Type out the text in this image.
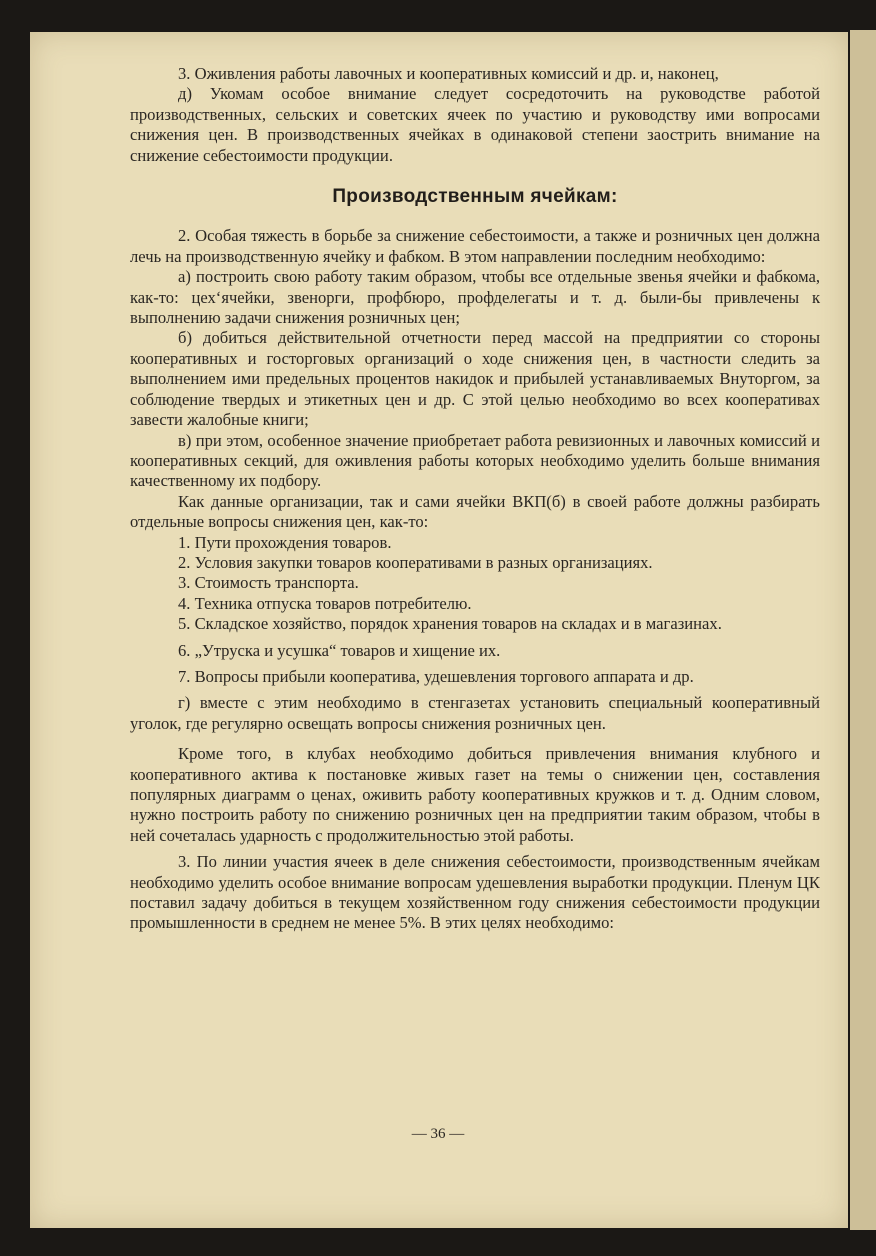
3. Оживления работы лавочных и кооперативных комиссий и др. и, наконец,

д) Укомам особое внимание следует сосредоточить на руководстве работой производственных, сельских и советских ячеек по участию и руководству ими вопросами снижения цен. В производственных ячейках в одинаковой степени заострить внимание на снижение себестоимости продукции.

Производственным ячейкам:

2. Особая тяжесть в борьбе за снижение себестоимости, а также и розничных цен должна лечь на производственную ячейку и фабком. В этом направлении последним необходимо:

а) построить свою работу таким образом, чтобы все отдельные звенья ячейки и фабкома, как-то: цех‘ячейки, звенорги, профбюро, профделегаты и т. д. были-бы привлечены к выполнению задачи снижения розничных цен;

б) добиться действительной отчетности перед массой на предприятии со стороны кооперативных и госторговых организаций о ходе снижения цен, в частности следить за выполнением ими предельных процентов накидок и прибылей устанавливаемых Внуторгом, за соблюдение твердых и этикетных цен и др. С этой целью необходимо во всех кооперативах завести жалобные книги;

в) при этом, особенное значение приобретает работа ревизионных и лавочных комиссий и кооперативных секций, для оживления работы которых необходимо уделить больше внимания качественному их подбору.

Как данные организации, так и сами ячейки ВКП(б) в своей работе должны разбирать отдельные вопросы снижения цен, как-то:

1. Пути прохождения товаров.

2. Условия закупки товаров кооперативами в разных организациях.

3. Стоимость транспорта.

4. Техника отпуска товаров потребителю.

5. Складское хозяйство, порядок хранения товаров на складах и в магазинах.

6. „Утруска и усушка“ товаров и хищение их.

7. Вопросы прибыли кооператива, удешевления торгового аппарата и др.

г) вместе с этим необходимо в стенгазетах установить специальный кооперативный уголок, где регулярно освещать вопросы снижения розничных цен.

Кроме того, в клубах необходимо добиться привлечения внимания клубного и кооперативного актива к постановке живых газет на темы о снижении цен, составления популярных диаграмм о ценах, оживить работу кооперативных кружков и т. д. Одним словом, нужно построить работу по снижению розничных цен на предприятии таким образом, чтобы в ней сочеталась ударность с продолжительностью этой работы.

3. По линии участия ячеек в деле снижения себестоимости, производственным ячейкам необходимо уделить особое внимание вопросам удешевления выработки продукции. Пленум ЦК поставил задачу добиться в текущем хозяйственном году снижения себестоимости продукции промышленности в среднем не менее 5%. В этих целях необходимо:

— 36 —
